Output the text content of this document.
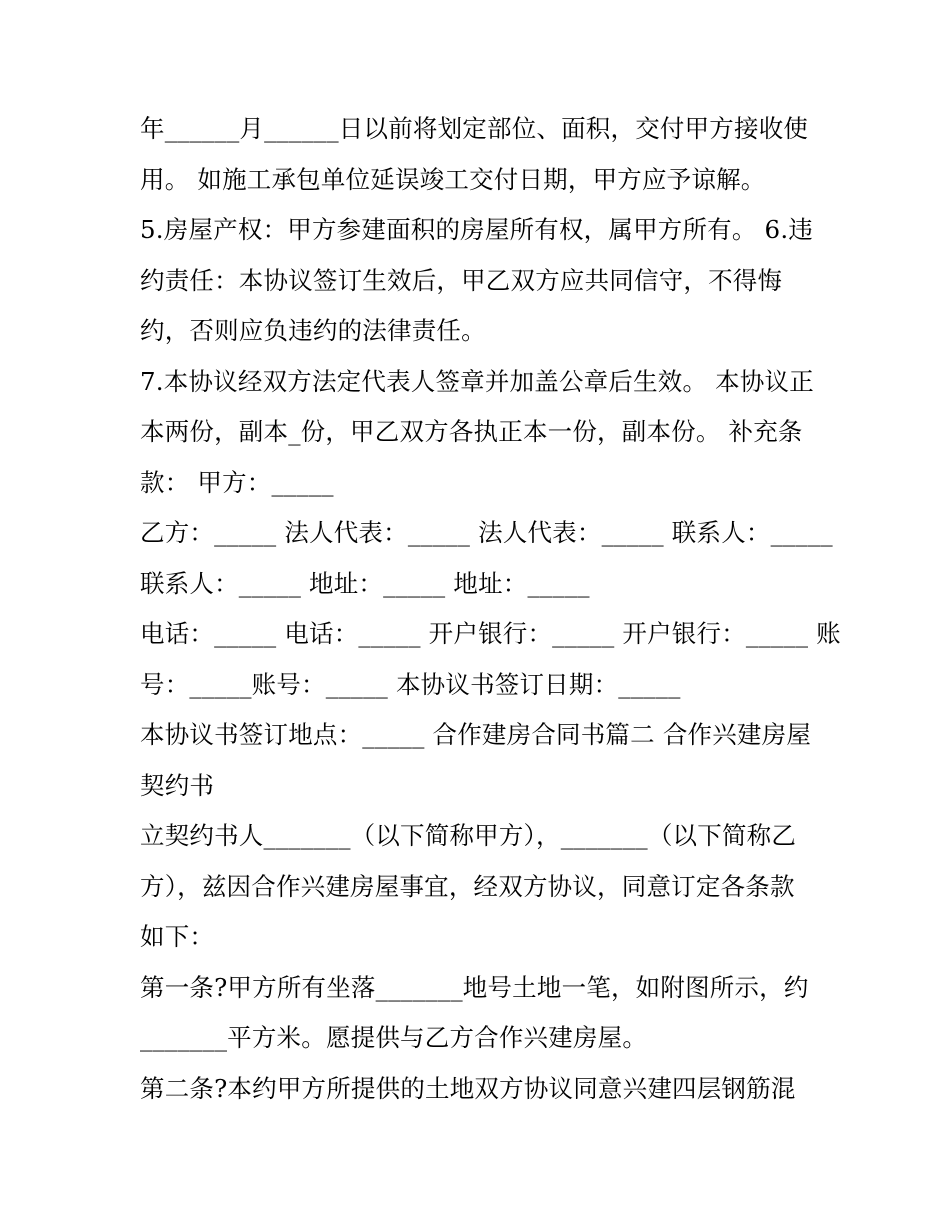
年______月______日以前将划定部位、面积，交付甲方接收使
用。 如施工承包单位延误竣工交付日期，甲方应予谅解。
5.房屋产权：甲方参建面积的房屋所有权，属甲方所有。 6.违
约责任：本协议签订生效后，甲乙双方应共同信守，不得悔
约，否则应负违约的法律责任。
7.本协议经双方法定代表人签章并加盖公章后生效。 本协议正
本两份，副本_份，甲乙双方各执正本一份，副本份。 补充条
款： 甲方：_____
乙方：_____ 法人代表：_____ 法人代表：_____ 联系人：_____
联系人：_____ 地址：_____ 地址：_____
电话：_____ 电话：_____ 开户银行：_____ 开户银行：_____ 账
号：_____账号：_____ 本协议书签订日期：_____
本协议书签订地点：_____ 合作建房合同书篇二 合作兴建房屋
契约书
立契约书人_______（以下简称甲方），_______（以下简称乙
方），兹因合作兴建房屋事宜，经双方协议，同意订定各条款
如下：
第一条?甲方所有坐落_______地号土地一笔，如附图所示，约
_______平方米。愿提供与乙方合作兴建房屋。
第二条?本约甲方所提供的土地双方协议同意兴建四层钢筋混
